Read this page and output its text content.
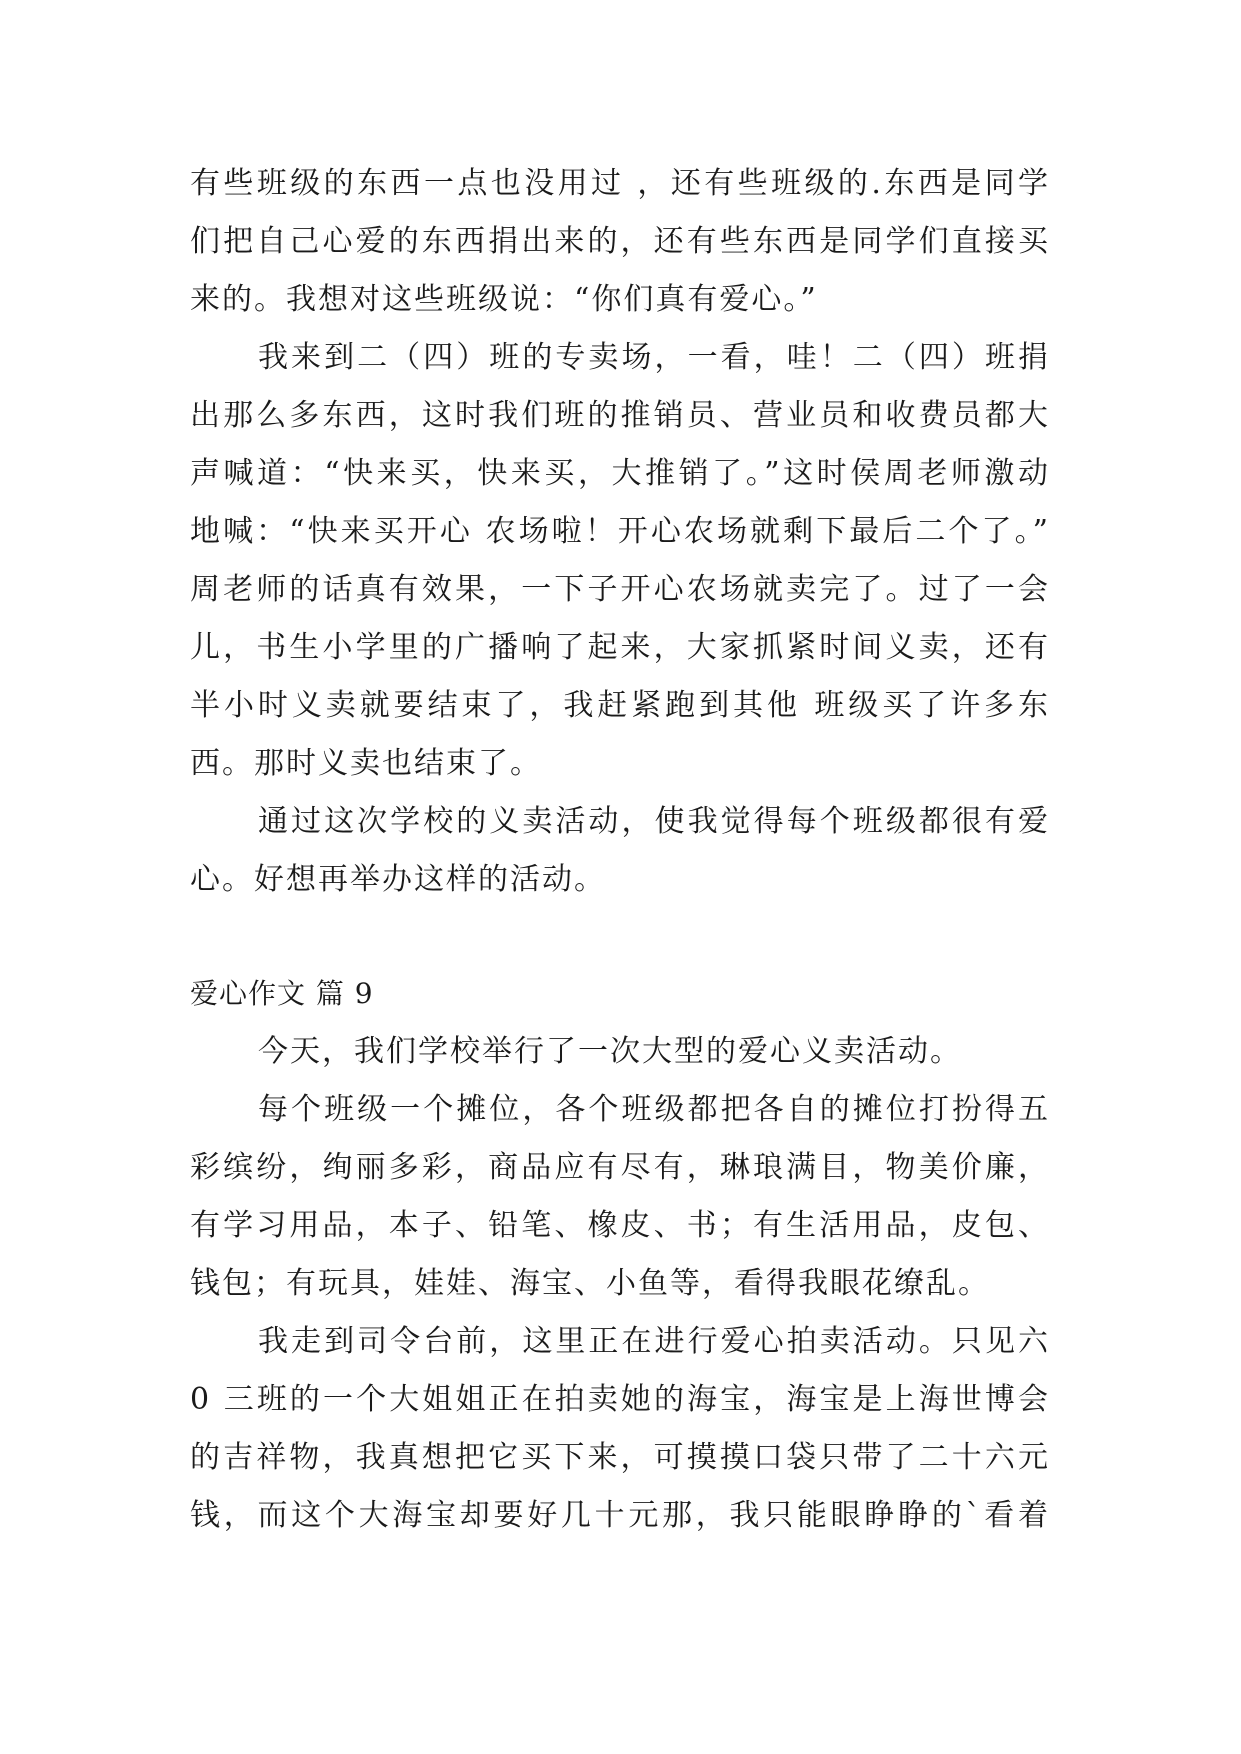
有些班级的东西一点也没用过 ，还有些班级的.东西是同学
们把自己心爱的东西捐出来的，还有些东西是同学们直接买
来的。我想对这些班级说：“你们真有爱心。”
我来到二（四）班的专卖场，一看，哇！二（四）班捐
出那么多东西，这时我们班的推销员、营业员和收费员都大
声喊道：“快来买，快来买，大推销了。”这时侯周老师激动
地喊：“快来买开心 农场啦！开心农场就剩下最后二个了。”
周老师的话真有效果，一下子开心农场就卖完了。过了一会
儿，书生小学里的广播响了起来，大家抓紧时间义卖，还有
半小时义卖就要结束了，我赶紧跑到其他 班级买了许多东
西。那时义卖也结束了。
通过这次学校的义卖活动，使我觉得每个班级都很有爱
心。好想再举办这样的活动。
爱心作文 篇 9
今天，我们学校举行了一次大型的爱心义卖活动。
每个班级一个摊位，各个班级都把各自的摊位打扮得五
彩缤纷，绚丽多彩，商品应有尽有，琳琅满目，物美价廉，
有学习用品，本子、铅笔、橡皮、书；有生活用品，皮包、
钱包；有玩具，娃娃、海宝、小鱼等，看得我眼花缭乱。
我走到司令台前，这里正在进行爱心拍卖活动。只见六
0 三班的一个大姐姐正在拍卖她的海宝，海宝是上海世博会
的吉祥物，我真想把它买下来，可摸摸口袋只带了二十六元
钱，而这个大海宝却要好几十元那，我只能眼睁睁的`看着
